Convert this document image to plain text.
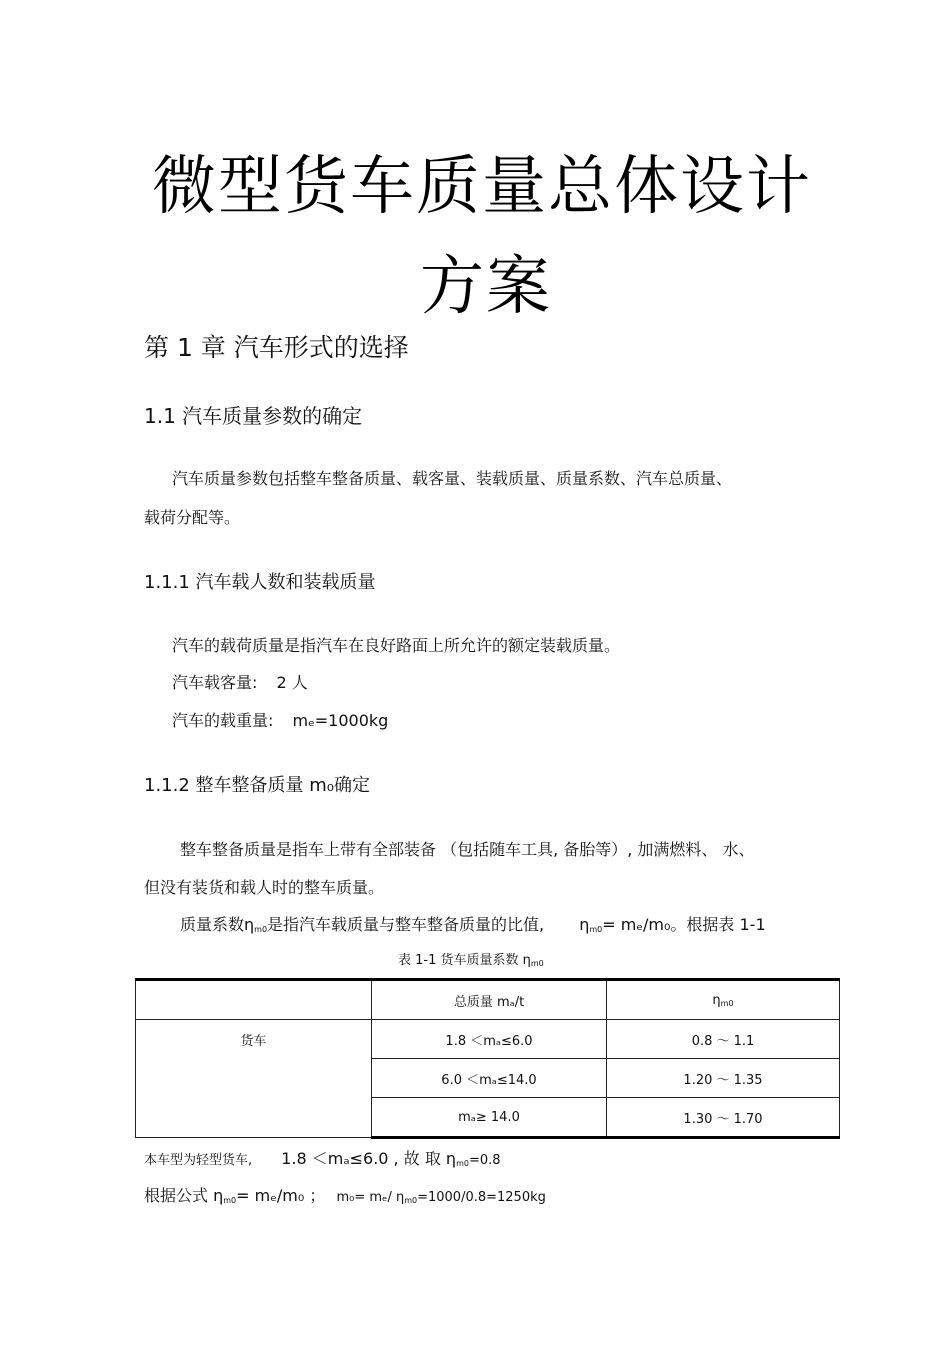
微型货车质量总体设计
方案
第 1 章 汽车形式的选择
1.1 汽车质量参数的确定
汽车质量参数包括整车整备质量、载客量、装载质量、质量系数、汽车总质量、
载荷分配等。
1.1.1 汽车载人数和装载质量
汽车的载荷质量是指汽车在良好路面上所允许的额定装载质量。
汽车载客量: 2 人
汽车的载重量: mₑ=1000kg
1.1.2 整车整备质量 m₀确定
整车整备质量是指车上带有全部装备 （包括随车工具, 备胎等）, 加满燃料、 水、
但没有装货和载人时的整车质量。
质量系数ηm0是指汽车载质量与整车整备质量的比值, ηm0= mₑ/m₀。根据表 1-1
表 1-1 货车质量系数 ηm0
	总质量 mₐ/t	ηm0
货车	1.8 ＜mₐ≤6.0	0.8 ～ 1.1
	6.0 ＜mₐ≤14.0	1.20 ～ 1.35
	mₐ≥ 14.0	1.30 ～ 1.70
本车型为轻型货车, 1.8 ＜mₐ≤6.0 , 故 取 ηm0=0.8
根据公式 ηm0= mₑ/m₀ ； m₀= mₑ/ ηm0=1000/0.8=1250kg
